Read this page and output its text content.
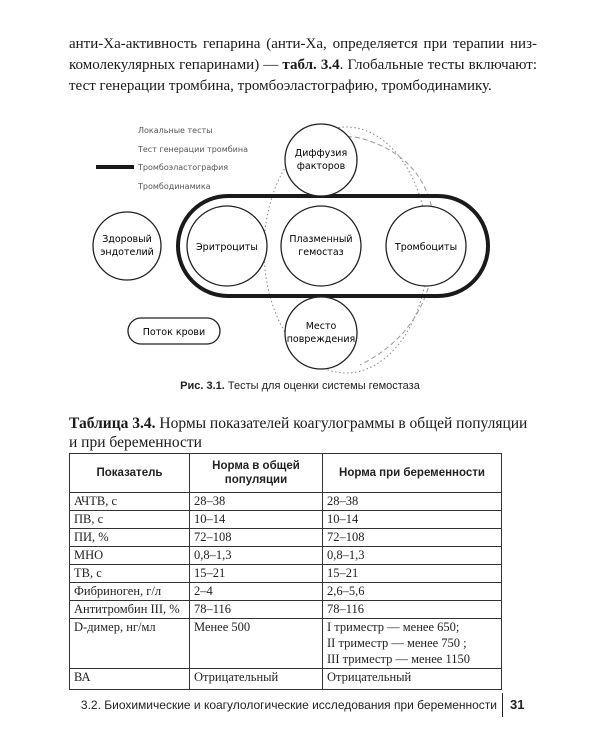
анти-Ха-активность гепарина (анти-Ха, определяется при терапии низ-комолекулярных гепаринами) — табл. 3.4. Глобальные тесты включают: тест генерации тромбина, тромбоэластографию, тромбодинамику.
Локальные тесты
Тест генерации тромбина
Тромбоэластография
Тромбодинамика
Диффузия
факторов
Здоровый
эндотелий	Эритроциты
Плазменный
гемостаз	Тромбоциты
Поток крови
Место
повреждения
Рис. 3.1. Тесты для оценки системы гемостаза
Таблица 3.4. Нормы показателей коагулограммы в общей популяции и при беременности
Показатель	Норма в общей популяции	Норма при беременности
АЧТВ, с	28–38	28–38
ПВ, с	10–14	10–14
ПИ, %	72–108	72–108
МНО	0,8–1,3	0,8–1,3
ТВ, с	15–21	15–21
Фибриноген, г/л	2–4	2,6–5,6
Антитромбин III, %	78–116	78–116
D-димер, нг/мл	Менее 500	I триместр — менее 650;
II триместр — менее 750 ;
III триместр — менее 1150

ВА	Отрицательный	Отрицательный
3.2. Биохимические и коагулологические исследования при беременности 31
